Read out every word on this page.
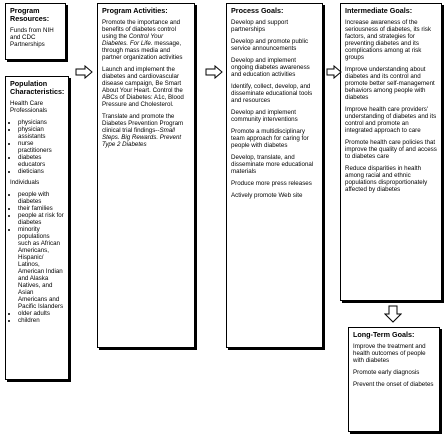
Program Resources:

Funds from NIH and CDC Partnerships

Population Characteristics:

Health Care Professionals

• physicians
• physician assistants
• nurse practitioners
• diabetes educators
• dieticians

Individuals

• people with diabetes
• their families
• people at risk for diabetes
• minority populations such as African Americans, Hispanic/ Latinos, American Indian and Alaska Natives, and Asian Americans and Pacific Islanders
• older adults
• children
Program Activities:

Promote the importance and benefits of diabetes control using the Control Your Diabetes. For Life. message, through mass media and partner organization activities

Launch and implement the diabetes and cardiovascular disease campaign, Be Smart About Your Heart. Control the ABCs of Diabetes: A1c, Blood Pressure and Cholesterol.

Translate and promote the Diabetes Prevention Program clinical trial findings--Small Steps. Big Rewards. Prevent Type 2 Diabetes

Process Goals:

Develop and support partnerships

Develop and promote public service announcements

Develop and implement ongoing diabetes awareness and education activities

Identify, collect, develop, and disseminate educational tools and resources

Develop and implement community interventions

Promote a multidisciplinary team approach for caring for people with diabetes

Develop, translate, and disseminate more educational materials

Produce more press releases

Actively promote Web site

Intermediate Goals:

Increase awareness of the seriousness of diabetes, its risk factors, and strategies for preventing diabetes and its complications among at risk groups

Improve understanding about diabetes and its control and promote better self-management behaviors among people with diabetes

Improve health care providers' understanding of diabetes and its control and promote an integrated approach to care

Promote health care policies that improve the quality of and access to diabetes care

Reduce disparities in health among racial and ethnic populations disproportionately affected by diabetes

Long-Term Goals:

Improve the treatment and health outcomes of people with diabetes

Promote early diagnosis

Prevent the onset of diabetes
